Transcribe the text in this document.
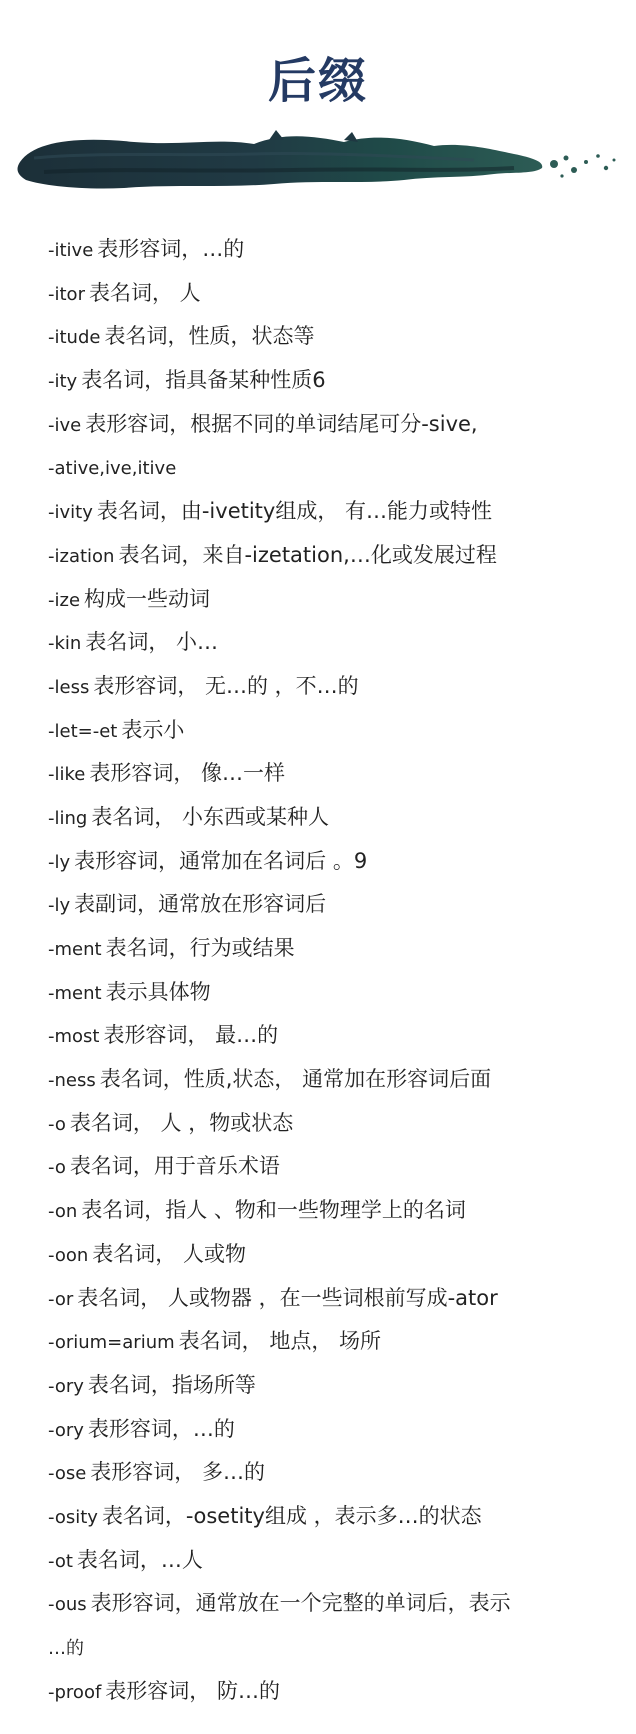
后缀
-itive 表形容词，…的
-itor 表名词， 人
-itude 表名词，性质，状态等
-ity 表名词，指具备某种性质6
-ive 表形容词，根据不同的单词结尾可分-sive,
-ative,ive,itive
-ivity 表名词，由-ivetity组成， 有…能力或特性
-ization 表名词，来自-izetation,…化或发展过程
-ize 构成一些动词
-kin 表名词， 小…
-less 表形容词， 无…的 ，不…的
-let=-et 表示小
-like 表形容词， 像…一样
-ling 表名词， 小东西或某种人
-ly 表形容词，通常加在名词后 。9
-ly 表副词，通常放在形容词后
-ment 表名词，行为或结果
-ment 表示具体物
-most 表形容词， 最…的
-ness 表名词，性质,状态， 通常加在形容词后面
-o 表名词， 人 ，物或状态
-o 表名词，用于音乐术语
-on 表名词，指人 、物和一些物理学上的名词
-oon 表名词， 人或物
-or 表名词， 人或物器 ，在一些词根前写成-ator
-orium=arium 表名词， 地点， 场所
-ory 表名词，指场所等
-ory 表形容词，…的
-ose 表形容词， 多…的
-osity 表名词，-osetity组成 ，表示多…的状态
-ot 表名词，…人
-ous 表形容词，通常放在一个完整的单词后，表示
…的
-proof 表形容词， 防…的
